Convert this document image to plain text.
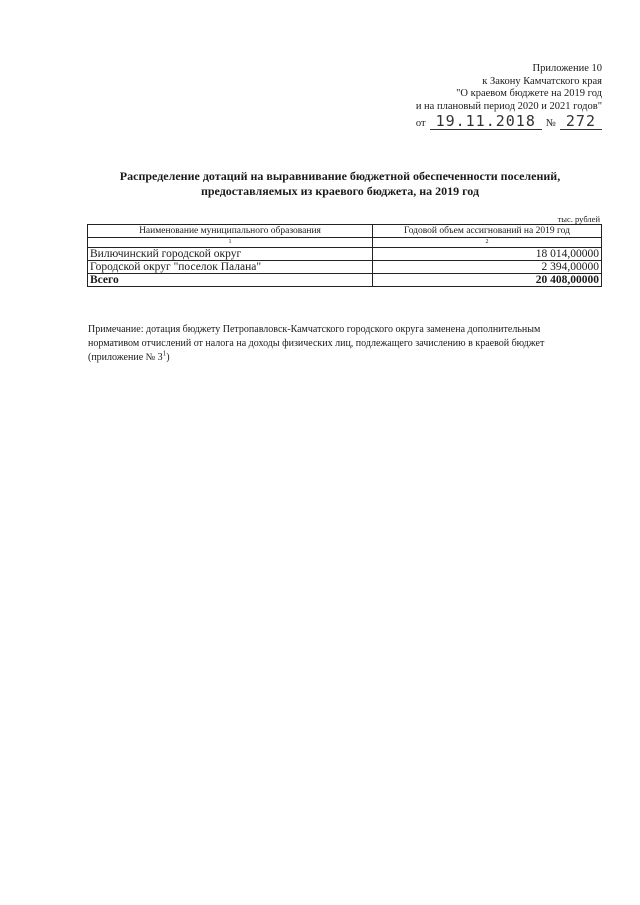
Приложение 10
к Закону Камчатского края
"О краевом бюджете на 2019 год
и на плановый период 2020 и 2021 годов"
от 19.11.2018 № 272
Распределение дотаций на выравнивание бюджетной обеспеченности поселений,
предоставляемых из краевого бюджета, на 2019 год
тыс. рублей
Наименование муниципального образования	Годовой объем ассигнований на 2019 год
1	2
Вилючинский городской округ	18 014,00000
Городской округ "поселок Палана"	2 394,00000
Всего	20 408,00000
Примечание: дотация бюджету Петропавловск-Камчатского городского округа заменена дополнительным нормативом отчислений от налога на доходы физических лиц, подлежащего зачислению в краевой бюджет (приложение № $3^1$)
